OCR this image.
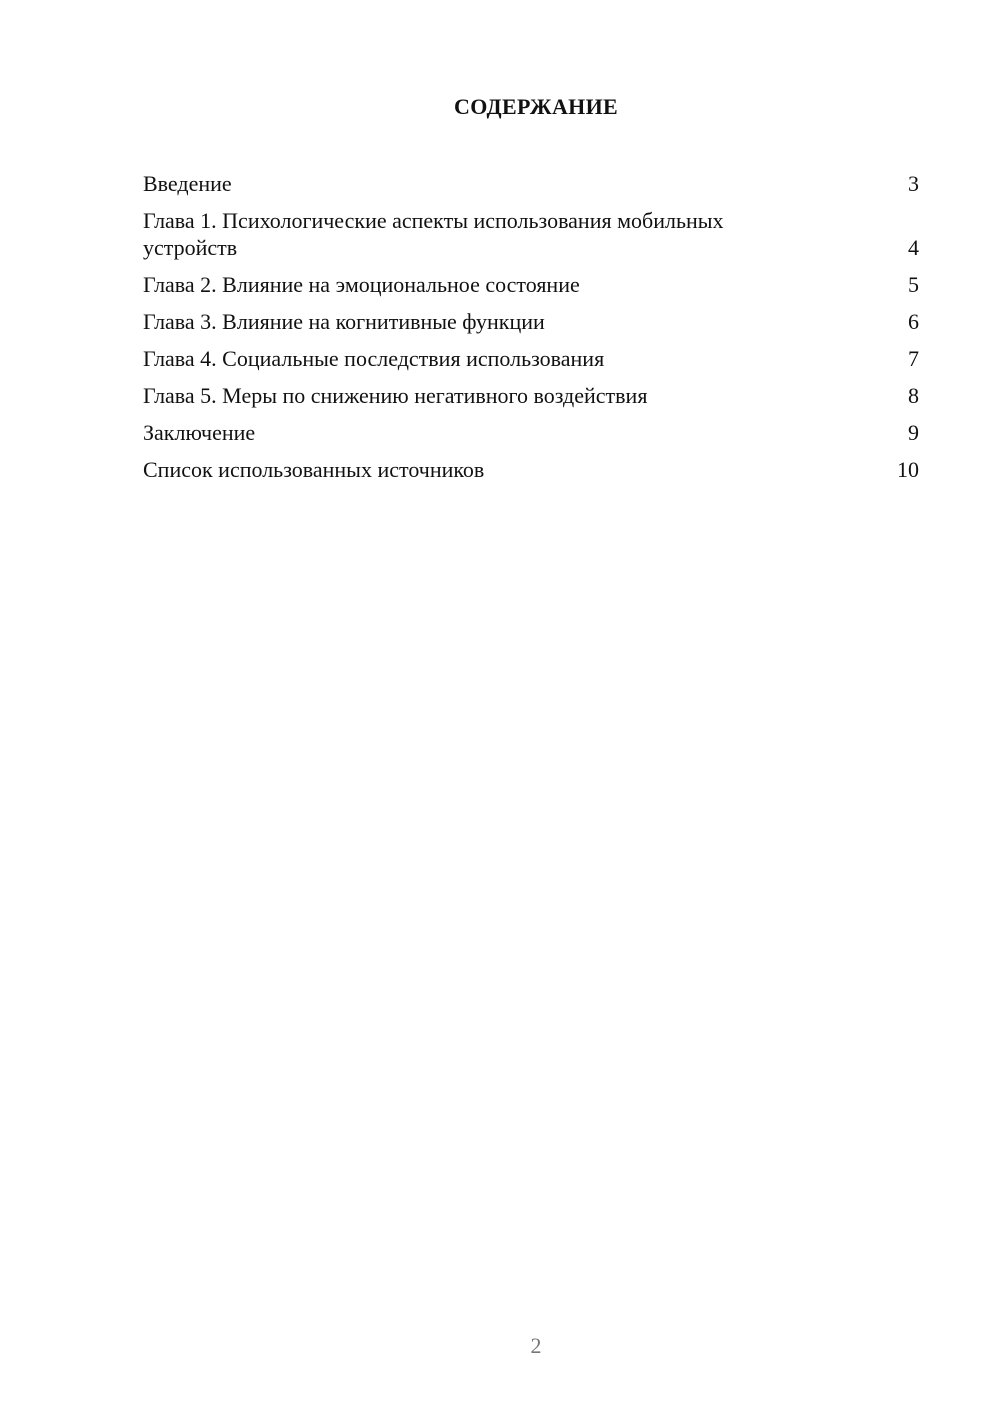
СОДЕРЖАНИЕ
Введение	3
Глава 1. Психологические аспекты использования мобильных устройств	4
Глава 2. Влияние на эмоциональное состояние	5
Глава 3. Влияние на когнитивные функции	6
Глава 4. Социальные последствия использования	7
Глава 5. Меры по снижению негативного воздействия	8
Заключение	9
Список использованных источников	10
2
